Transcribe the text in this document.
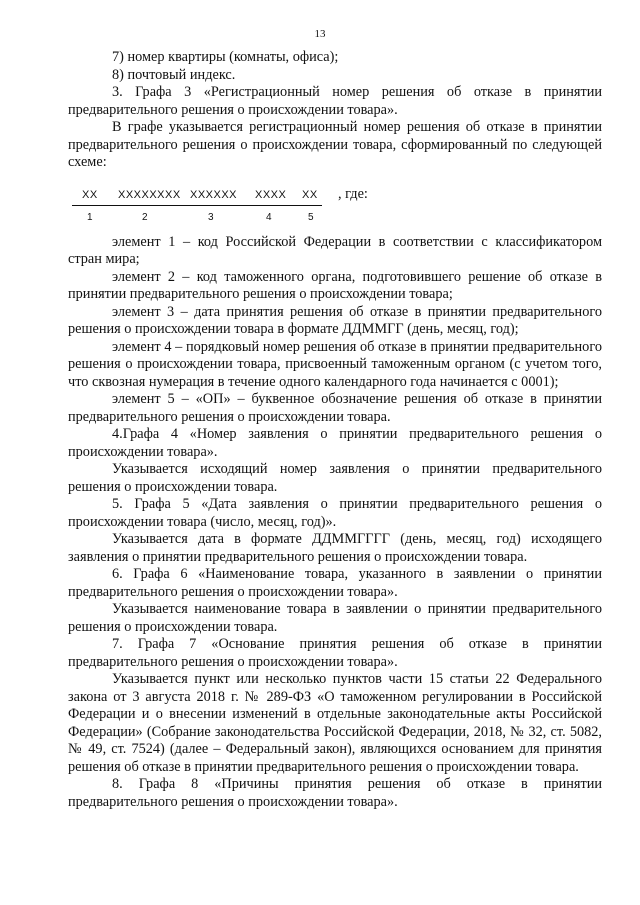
13

7) номер квартиры (комнаты, офиса);

8) почтовый индекс.

3. Графа 3 «Регистрационный номер решения об отказе в принятии предварительного решения о происхождении товара».

В графе указывается регистрационный номер решения об отказе в принятии предварительного решения о происхождении товара, сформированный по следующей схеме:

XX XXXXXXXX XXXXXX XXXX XX
1	2	3	4	5
, где:

элемент 1 – код Российской Федерации в соответствии с классификатором стран мира;

элемент 2 – код таможенного органа, подготовившего решение об отказе в принятии предварительного решения о происхождении товара;

элемент 3 – дата принятия решения об отказе в принятии предварительного решения о происхождении товара в формате ДДММГГ (день, месяц, год);

элемент 4 – порядковый номер решения об отказе в принятии предварительного решения о происхождении товара, присвоенный таможенным органом (с учетом того, что сквозная нумерация в течение одного календарного года начинается с 0001);

элемент 5 – «ОП» – буквенное обозначение решения об отказе в принятии предварительного решения о происхождении товара.

4.Графа 4 «Номер заявления о принятии предварительного решения о происхождении товара».

Указывается исходящий номер заявления о принятии предварительного решения о происхождении товара.

5. Графа 5 «Дата заявления о принятии предварительного решения о происхождении товара (число, месяц, год)».

Указывается дата в формате ДДММГГГГ (день, месяц, год) исходящего заявления о принятии предварительного решения о происхождении товара.

6. Графа 6 «Наименование товара, указанного в заявлении о принятии предварительного решения о происхождении товара».

Указывается наименование товара в заявлении о принятии предварительного решения о происхождении товара.

7. Графа 7 «Основание принятия решения об отказе в принятии предварительного решения о происхождении товара».

Указывается пункт или несколько пунктов части 15 статьи 22 Федерального закона от 3 августа 2018 г. № 289-ФЗ «О таможенном регулировании в Российской Федерации и о внесении изменений в отдельные законодательные акты Российской Федерации» (Собрание законодательства Российской Федерации, 2018, № 32, ст. 5082, № 49, ст. 7524) (далее – Федеральный закон), являющихся основанием для принятия решения об отказе в принятии предварительного решения о происхождении товара.

8. Графа 8 «Причины принятия решения об отказе в принятии предварительного решения о происхождении товара».
